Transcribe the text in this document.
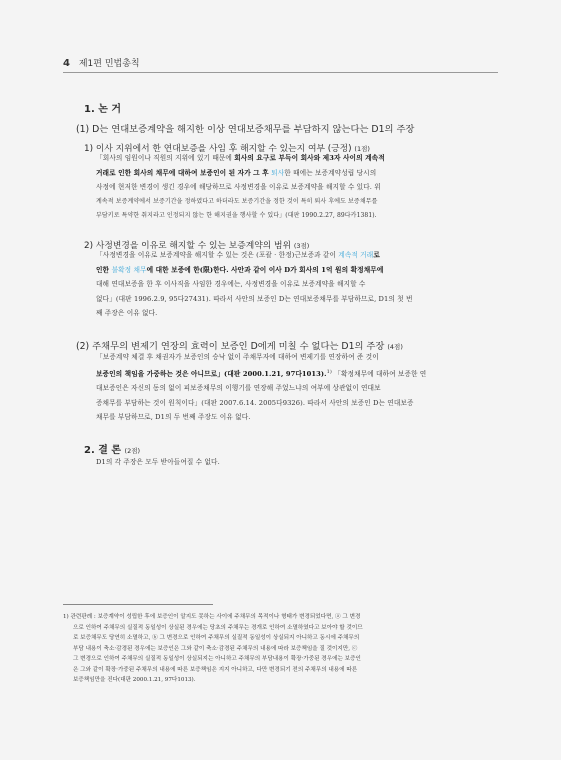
4 제1편 민법총칙
1. 논 거
(1) D는 연대보증계약을 해지한 이상 연대보증채무를 부담하지 않는다는 D1의 주장
1) 이사 지위에서 한 연대보증을 사임 후 해지할 수 있는지 여부 (긍정) (1점)
「회사의 임원이나 직원의 지위에 있기 때문에 회사의 요구로 부득이 회사와 제3자 사이의 계속적
거래로 인한 회사의 채무에 대하여 보증인이 된 자가 그 후 퇴사한 때에는 보증계약성립 당시의
사정에 현저한 변경이 생긴 경우에 해당하므로 사정변경을 이유로 보증계약을 해지할 수 있다. 위
계속적 보증계약에서 보증기간을 정하였다고 하더라도 보증기간을 정한 것이 특히 퇴사 후에도 보증채무를
부담키로 특약한 취지라고 인정되지 않는 한 해지권을 행사할 수 있다」(대판 1990.2.27, 89다카1381).
2) 사정변경을 이유로 해지할 수 있는 보증계약의 범위 (3점)
「사정변경을 이유로 보증계약을 해지할 수 있는 것은 (포괄 · 한정)근보증과 같이 계속적 거래로
인한 불확정 채무에 대한 보증에 한(限)한다. 사안과 같이 이사 D가 회사의 1억 원의 확정채무에
대해 연대보증을 한 후 이사직을 사임한 경우에는, 사정변경을 이유로 보증계약을 해지할 수
없다」(대판 1996.2.9, 95다27431). 따라서 사안의 보증인 D는 연대보증채무를 부담하므로, D1의 첫 번
째 주장은 이유 없다.
(2) 주채무의 변제기 연장의 효력이 보증인 D에게 미칠 수 없다는 D1의 주장 (4점)
「보증계약 체결 후 채권자가 보증인의 승낙 없이 주채무자에 대하여 변제기를 연장하여 준 것이
보증인의 책임을 가중하는 것은 아니므로」(대판 2000.1.21, 97다1013).$^{1)}$ 「확정채무에 대하여 보증한 연
대보증인은 자신의 동의 없이 피보증채무의 이행기를 연장해 주었느냐의 여부에 상관없이 연대보
증채무를 부담하는 것이 원칙이다」(대판 2007.6.14. 2005다9326). 따라서 사안의 보증인 D는 연대보증
채무를 부담하므로, D1의 두 번째 주장도 이유 없다.
2. 결 론 (2점)
D1의 각 주장은 모두 받아들여질 수 없다.
1) 관련판례 : 보증계약이 성립한 후에 보증인이 알지도 못하는 사이에 주채무의 목적이나 형태가 변경되었다면, ⓐ 그 변경
으로 인하여 주채무의 실질적 동일성이 상실된 경우에는 당초의 주채무는 경개로 인하여 소멸하였다고 보아야 할 것이므
로 보증채무도 당연히 소멸하고, ⓑ 그 변경으로 인하여 주채무의 실질적 동일성이 상실되지 아니하고 동시에 주채무의
부담 내용이 축소·감경된 경우에는 보증인은 그와 같이 축소·감경된 주채무의 내용에 따라 보증책임을 질 것이지만, ⓒ
그 변경으로 인하여 주채무의 실질적 동일성이 상실되지는 아니하고 주채무의 부담내용이 확장·가중된 경우에는 보증인
은 그와 같이 확장·가중된 주채무의 내용에 따른 보증책임은 지지 아니하고, 다만 변경되기 전의 주채무의 내용에 따른
보증책임만을 진다(대판 2000.1.21, 97다1013).
